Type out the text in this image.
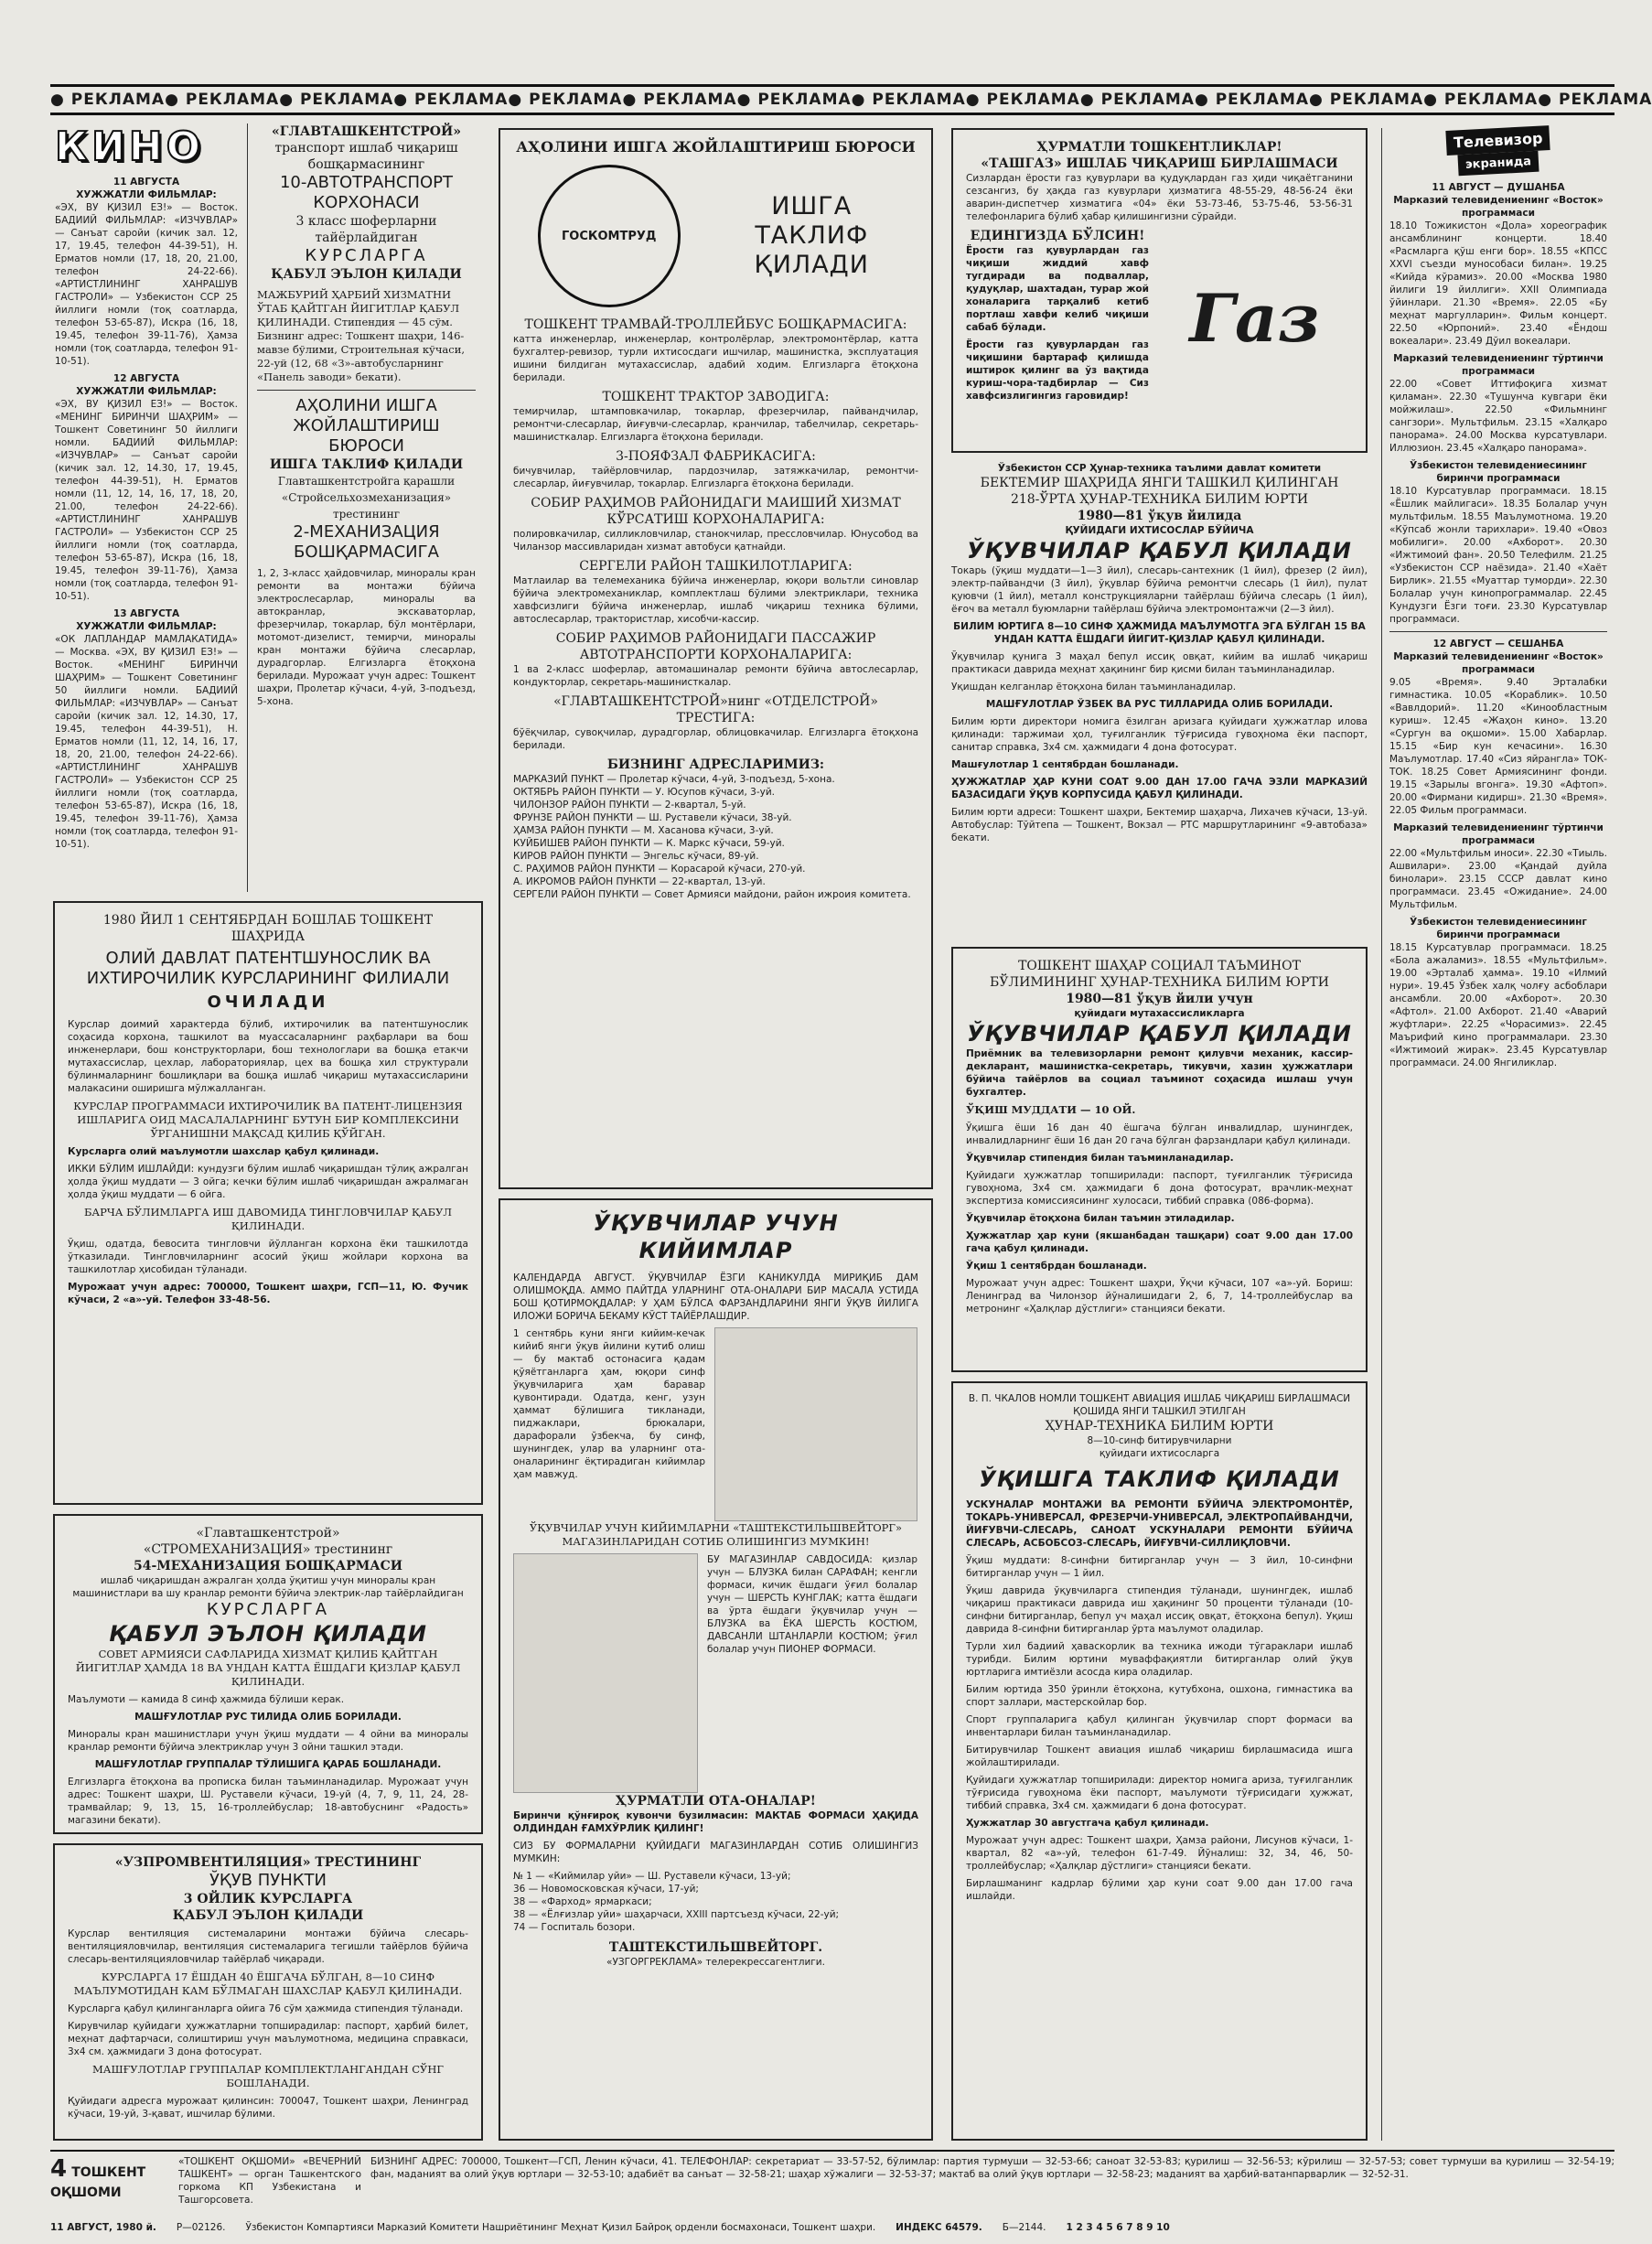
● РЕКЛАМА	● РЕКЛАМА	● РЕКЛАМА	● РЕКЛАМА	● РЕКЛАМА	● РЕКЛАМА	● РЕКЛАМА	● РЕКЛАМА	● РЕКЛАМА	● РЕКЛАМА	● РЕКЛАМА	● РЕКЛАМА	● РЕКЛАМА	● РЕКЛАМА
КИНО
11 АВГУСТА
ХУЖЖАТЛИ ФИЛЬМЛАР:

«ЭХ, ВУ ҚИЗИЛ ЕЗ!» — Восток. БАДИИЙ ФИЛЬМЛАР: «ИЗЧУВЛАР» — Санъат саройи (кичик зал. 12, 17, 19.45, телефон 44-39-51), Н. Ерматов номли (17, 18, 20, 21.00, телефон 24-22-66). «АРТИСТЛИНИНГ ХАНРАШУВ ГАСТРОЛИ» — Узбекистон ССР 25 йиллиги номли (тоқ соатларда, телефон 53-65-87), Искра (16, 18, 19.45, телефон 39-11-76), Ҳамза номли (тоқ соатларда, телефон 91-10-51).

12 АВГУСТА
ХУЖЖАТЛИ ФИЛЬМЛАР:

«ЭХ, ВУ ҚИЗИЛ ЕЗ!» — Восток. «МЕНИНГ БИРИНЧИ ШАҲРИМ» — Тошкент Советининг 50 йиллиги номли. БАДИИЙ ФИЛЬМЛАР: «ИЗЧУВЛАР» — Санъат саройи (кичик зал. 12, 14.30, 17, 19.45, телефон 44-39-51), Н. Ерматов номли (11, 12, 14, 16, 17, 18, 20, 21.00, телефон 24-22-66). «АРТИСТЛИНИНГ ХАНРАШУВ ГАСТРОЛИ» — Узбекистон ССР 25 йиллиги номли (тоқ соатларда, телефон 53-65-87), Искра (16, 18, 19.45, телефон 39-11-76), Ҳамза номли (тоқ соатларда, телефон 91-10-51).

13 АВГУСТА
ХУЖЖАТЛИ ФИЛЬМЛАР:

«ОК ЛАПЛАНДАР МАМЛАКАТИДА» — Москва. «ЭХ, ВУ ҚИЗИЛ ЕЗ!» — Восток. «МЕНИНГ БИРИНЧИ ШАҲРИМ» — Тошкент Советининг 50 йиллиги номли. БАДИИЙ ФИЛЬМЛАР: «ИЗЧУВЛАР» — Санъат саройи (кичик зал. 12, 14.30, 17, 19.45, телефон 44-39-51), Н. Ерматов номли (11, 12, 14, 16, 17, 18, 20, 21.00, телефон 24-22-66). «АРТИСТЛИНИНГ ХАНРАШУВ ГАСТРОЛИ» — Узбекистон ССР 25 йиллиги номли (тоқ соатларда, телефон 53-65-87), Искра (16, 18, 19.45, телефон 39-11-76), Ҳамза номли (тоқ соатларда, телефон 91-10-51).

«ГЛАВТАШКЕНТСТРОЙ»
транспорт ишлаб чиқариш бошқармасининг
10-АВТОТРАНСПОРТ КОРХОНАСИ
3 класс шоферларни тайёрлайдиган
КУРСЛАРГА
ҚАБУЛ ЭЪЛОН ҚИЛАДИ

МАЖБУРИЙ ҲАРБИЙ ХИЗМАТНИ ЎТАБ ҚАЙТГАН ЙИГИТЛАР ҚАБУЛ ҚИЛИНАДИ. Стипендия — 45 сўм. Бизнинг адрес: Тошкент шаҳри, 146-мавзе бўлими, Строительная кўчаси, 22-уй (12, 68 «З»-автобусларнинг «Панель заводи» бекати).

АҲОЛИНИ ИШГА ЖОЙЛАШТИРИШ БЮРОСИ
ИШГА ТАКЛИФ ҚИЛАДИ
Главташкентстройга қарашли «Стройсельхозмеханизация» трестининг
2-МЕХАНИЗАЦИЯ БОШҚАРМАСИГА

1, 2, 3-класс ҳайдовчилар, миноралы кран ремонти ва монтажи бўйича электрослесарлар, миноралы ва автокранлар, экскаваторлар, фрезерчилар, токарлар, бўл монтёрлари, мотомот-дизелист, темирчи, миноралы кран монтажи бўйича слесарлар, дурадгорлар. Елгизларга ётоқхона берилади. Мурожаат учун адрес: Тошкент шаҳри, Пролетар кўчаси, 4-уй, 3-подъезд, 5-хона.

АҲОЛИНИ ИШГА ЖОЙЛАШТИРИШ БЮРОСИ
ГОСКОМТРУД
ИШГА ТАКЛИФ ҚИЛАДИ
ТОШКЕНТ ТРАМВАЙ-ТРОЛЛЕЙБУС БОШҚАРМАСИГА:

катта инженерлар, инженерлар, контролёрлар, электромонтёрлар, катта бухгалтер-ревизор, турли ихтисосдаги ишчилар, машинистка, эксплуатация ишини билдиган мутахассислар, адабий ходим. Елгизларга ётоқхона берилади.

ТОШКЕНТ ТРАКТОР ЗАВОДИГА:

темирчилар, штамповкачилар, токарлар, фрезерчилар, пайвандчилар, ремонтчи-слесарлар, йиғувчи-слесарлар, кранчилар, табелчилар, секретарь-машинисткалар. Елгизларга ётоқхона берилади.

3-ПОЯФЗАЛ ФАБРИКАСИГА:

бичувчилар, тайёрловчилар, пардозчилар, затяжкачилар, ремонтчи-слесарлар, йиғувчилар, токарлар. Елгизларга ётоқхона берилади.

СОБИР РАҲИМОВ РАЙОНИДАГИ МАИШИЙ ХИЗМАТ КЎРСАТИШ КОРХОНАЛАРИГА:

полировкачилар, силликловчилар, станокчилар, прессловчилар. Юнусобод ва Чиланзор массивларидан хизмат автобуси қатнайди.

СЕРГЕЛИ РАЙОН ТАШКИЛОТЛАРИГА:

Матлаилар ва телемеханика бўйича инженерлар, юқори вольтли синовлар бўйича электромеханиклар, комплектлаш бўлими электриклари, техника хавфсизлиги бўйича инженерлар, ишлаб чиқариш техника бўлими, автослесарлар, трактористлар, хисобчи-кассир.

СОБИР РАҲИМОВ РАЙОНИДАГИ ПАССАЖИР АВТОТРАНСПОРТИ КОРХОНАЛАРИГА:

1 ва 2-класс шоферлар, автомашиналар ремонти бўйича автослесарлар, кондукторлар, секретарь-машинисткалар.

«ГЛАВТАШКЕНТСТРОЙ»нинг «ОТДЕЛСТРОЙ» ТРЕСТИГА:

бўёқчилар, сувоқчилар, дурадгорлар, облицовкачилар. Елгизларга ётоқхона берилади.

БИЗНИНГ АДРЕСЛАРИМИЗ:
МАРКАЗИЙ ПУНКТ — Пролетар кўчаси, 4-уй, 3-подъезд, 5-хона.
ОКТЯБРЬ РАЙОН ПУНКТИ — У. Юсупов кўчаси, 3-уй.
ЧИЛОНЗОР РАЙОН ПУНКТИ — 2-квартал, 5-уй.
ФРУНЗЕ РАЙОН ПУНКТИ — Ш. Руставели кўчаси, 38-уй.
ҲАМЗА РАЙОН ПУНКТИ — М. Хасанова кўчаси, 3-уй.
КУЙБИШЕВ РАЙОН ПУНКТИ — К. Маркс кўчаси, 59-уй.
КИРОВ РАЙОН ПУНКТИ — Энгельс кўчаси, 89-уй.
С. РАҲИМОВ РАЙОН ПУНКТИ — Корасарой кўчаси, 270-уй.
А. ИКРОМОВ РАЙОН ПУНКТИ — 22-квартал, 13-уй.
СЕРГЕЛИ РАЙОН ПУНКТИ — Совет Армияси майдони, район ижроия комитета.
1980 ЙИЛ 1 СЕНТЯБРДАН БОШЛАБ ТОШКЕНТ ШАҲРИДА
ОЛИЙ ДАВЛАТ ПАТЕНТШУНОСЛИК ВА ИХТИРОЧИЛИК КУРСЛАРИНИНГ ФИЛИАЛИ
ОЧИЛАДИ

Курслар доимий характерда бўлиб, ихтирочилик ва патентшунослик соҳасида корхона, ташкилот ва муассасаларнинг раҳбарлари ва бош инженерлари, бош конструкторлари, бош технологлари ва бошқа етакчи мутахассислар, цехлар, лабораториялар, цех ва бошқа хил структурали бўлинмаларнинг бошлиқлари ва бошқа ишлаб чиқариш мутахассисларини малакасини оширишга мўлжалланган.

КУРСЛАР ПРОГРАММАСИ ИХТИРОЧИЛИК ВА ПАТЕНТ-ЛИЦЕНЗИЯ ИШЛАРИГА ОИД МАСАЛАЛАРНИНГ БУТУН БИР КОМПЛЕКСИНИ ЎРГАНИШНИ МАҚСАД ҚИЛИБ ҚЎЙГАН.

Курсларга олий маълумотли шахслар қабул қилинади.

ИККИ БЎЛИМ ИШЛАЙДИ: кундузги бўлим ишлаб чиқаришдан тўлиқ ажралган ҳолда ўқиш муддати — 3 ойга; кечки бўлим ишлаб чиқаришдан ажралмаган ҳолда ўқиш муддати — 6 ойга.

БАРЧА БЎЛИМЛАРГА ИШ ДАВОМИДА ТИНГЛОВЧИЛАР ҚАБУЛ ҚИЛИНАДИ.

Ўқиш, одатда, бевосита тингловчи йўлланган корхона ёки ташкилотда ўтказилади. Тингловчиларнинг асосий ўқиш жойлари корхона ва ташкилотлар ҳисобидан тўланади.

Мурожаат учун адрес: 700000, Тошкент шаҳри, ГСП—11, Ю. Фучик кўчаси, 2 «а»-уй. Телефон 33-48-56.

«Главташкентстрой»
«СТРОМЕХАНИЗАЦИЯ» трестининг
54-МЕХАНИЗАЦИЯ БОШҚАРМАСИ
ишлаб чиқаришдан ажралган ҳолда ўқитиш учун миноралы кран машинистлари ва шу кранлар ремонти бўйича электрик-лар тайёрлайдиган
КУРСЛАРГА
ҚАБУЛ ЭЪЛОН ҚИЛАДИ

СОВЕТ АРМИЯСИ САФЛАРИДА ХИЗМАТ ҚИЛИБ ҚАЙТГАН ЙИГИТЛАР ҲАМДА 18 ВА УНДАН КАТТА ЁШДАГИ ҚИЗЛАР ҚАБУЛ ҚИЛИНАДИ.

Маълумоти — камида 8 синф ҳажмида бўлиши керак.

МАШҒУЛОТЛАР РУС ТИЛИДА ОЛИБ БОРИЛАДИ.

Миноралы кран машинистлари учун ўқиш муддати — 4 ойни ва миноралы кранлар ремонти бўйича электриклар учун 3 ойни ташкил этади.

МАШҒУЛОТЛАР ГРУППАЛАР ТЎЛИШИГА ҚАРАБ БОШЛАНАДИ.

Елгизларга ётоқхона ва прописка билан таъминланадилар. Мурожаат учун адрес: Тошкент шаҳри, Ш. Руставели кўчаси, 19-уй (4, 7, 9, 11, 24, 28-трамвайлар; 9, 13, 15, 16-троллейбуслар; 18-автобуснинг «Радость» магазини бекати).

«УЗПРОМВЕНТИЛЯЦИЯ» ТРЕСТИНИНГ
ЎҚУВ ПУНКТИ
3 ОЙЛИК КУРСЛАРГА
ҚАБУЛ ЭЪЛОН ҚИЛАДИ

Курслар вентиляция системаларини монтажи бўйича слесарь-вентиляцияловчилар, вентиляция системаларига тегишли тайёрлов бўйича слесарь-вентиляцияловчилар тайёрлаб чиқаради.

КУРСЛАРГА 17 ЁШДАН 40 ЁШГАЧА БЎЛГАН, 8—10 СИНФ МАЪЛУМОТИДАН КАМ БЎЛМАГАН ШАХСЛАР ҚАБУЛ ҚИЛИНАДИ.

Курсларга қабул қилинганларга ойига 76 сўм ҳажмида стипендия тўланади.

Кирувчилар қуйидаги ҳужжатларни топширадилар: паспорт, ҳарбий билет, меҳнат дафтарчаси, солиштириш учун маълумотнома, медицина справкаси, 3x4 см. ҳажмидаги 3 дона фотосурат.

МАШҒУЛОТЛАР ГРУППАЛАР КОМПЛЕКТЛАНГАНДАН СЎНГ БОШЛАНАДИ.

Қуйидаги адресга мурожаат қилинсин: 700047, Тошкент шаҳри, Ленинград кўчаси, 19-уй, 3-қават, ишчилар бўлими.

ЎҚУВЧИЛАР УЧУН КИЙИМЛАР

КАЛЕНДАРДА АВГУСТ. ЎҚУВЧИЛАР ЁЗГИ КАНИКУЛДА МИРИҚИБ ДАМ ОЛИШМОҚДА. АММО ПАЙТДА УЛАРНИНГ ОТА-ОНАЛАРИ БИР МАСАЛА УСТИДА БОШ ҚОТИРМОҚДАЛАР: У ҲАМ БЎЛСА ФАРЗАНДЛАРИНИ ЯНГИ ЎҚУВ ЙИЛИГА ИЛОЖИ БОРИЧА БЕКАМУ КЎСТ ТАЙЁРЛАШДИР.

1 сентябрь куни янги кийим-кечак кийиб янги ўқув йилини кутиб олиш — бу мактаб остонасига қадам қўяётганларга ҳам, юқори синф ўқувчиларига ҳам баравар қувонтиради. Одатда, кенг, узун ҳаммат бўлишига тикланади, пиджаклари, брюкалари, дарафорали ўзбекча, бу синф, шунингдек, улар ва уларнинг ота-оналарининг ёқтирадиган кийимлар ҳам мавжуд.

ЎҚУВЧИЛАР УЧУН КИЙИМЛАРНИ «ТАШТЕКСТИЛЬШВЕЙТОРГ» МАГАЗИНЛАРИДАН СОТИБ ОЛИШИНГИЗ МУМКИН!

БУ МАГАЗИНЛАР САВДОСИДА: қизлар учун — БЛУЗКА билан САРАФАН; кенгли формаси, кичик ёшдаги ўғил болалар учун — ШЕРСТЬ КУНГЛАК; катта ёшдаги ва ўрта ёшдаги ўқувчилар учун — БЛУЗКА ва ЁКА ШЕРСТЬ КОСТЮМ, ДАВСАНЛИ ШТАНЛАРЛИ КОСТЮМ; ўғил болалар учун ПИОНЕР ФОРМАСИ.

ҲУРМАТЛИ ОТА-ОНАЛАР!

Биринчи қўнғироқ кувончи бузилмасин: МАКТАБ ФОРМАСИ ҲАҚИДА ОЛДИНДАН ҒАМХЎРЛИК ҚИЛИНГ!

СИЗ БУ ФОРМАЛАРНИ ҚУЙИДАГИ МАГАЗИНЛАРДАН СОТИБ ОЛИШИНГИЗ МУМКИН:

№ 1 — «Киймилар уйи» — Ш. Руставели кўчаси, 13-уй;
36 — Новомосковская кўчаси, 17-уй;
38 — «Фарход» ярмаркаси;
38 — «Ёлғизлар уйи» шаҳарчаси, ХХIII партсъезд кўчаси, 22-уй;
74 — Госпиталь бозори.
ТАШТЕКСТИЛЬШВЕЙТОРГ.
«УЗГОРГРЕКЛАМА» телерекрессагентлиги.
ҲУРМАТЛИ ТОШКЕНТЛИКЛАР!
«ТАШГАЗ» ИШЛАБ ЧИҚАРИШ БИРЛАШМАСИ

Сизлардан ёрости газ қувурлари ва қудуқлардан газ ҳиди чиқаётганини сезсангиз, бу ҳақда газ кувурлари ҳизматига 48-55-29, 48-56-24 ёки аварин-диспетчер хизматига «04» ёки 53-73-46, 53-75-46, 53-56-31 телефонларига бўлиб ҳабар қилишингизни сўрайди.

ЕДИНГИЗДА БЎЛСИН!

Ёрости газ қувурлардан газ чиқиши жиддий хавф тугдиради ва подваллар, қудуқлар, шахтадан, турар жой хоналарига тарқалиб кетиб портлаш хавфи келиб чиқиши сабаб бўлади.

Ёрости газ қувурлардан газ чиқишини бартараф қилишда иштирок қилинг ва ўз вақтида куриш-чора-тадбирлар — Сиз хавфсизлигингиз гаровидир!

Газ
Ўзбекистон ССР Ҳунар-техника таълими давлат комитети
БЕКТЕМИР ШАҲРИДА ЯНГИ ТАШКИЛ ҚИЛИНГАН
218-ЎРТА ҲУНАР-ТЕХНИКА БИЛИМ ЮРТИ
1980—81 ўқув йилида
ҚУЙИДАГИ ИХТИСОСЛАР БЎЙИЧА
ЎҚУВЧИЛАР ҚАБУЛ ҚИЛАДИ

Токарь (ўқиш муддати—1—3 йил), слесарь-сантехник (1 йил), фрезер (2 йил), электр-пайвандчи (3 йил), ўқувлар бўйича ремонтчи слесарь (1 йил), пулат қуювчи (1 йил), металл конструкцияларни тайёрлаш бўйича слесарь (1 йил), ёғоч ва металл буюмларни тайёрлаш бўйича электромонтажчи (2—3 йил).

БИЛИМ ЮРТИГА 8—10 СИНФ ҲАЖМИДА МАЪЛУМОТГА ЭГА БЎЛГАН 15 ВА УНДАН КАТТА ЁШДАГИ ЙИГИТ-ҚИЗЛАР ҚАБУЛ ҚИЛИНАДИ.

Ўқувчилар қунига 3 маҳал бепул иссиқ овқат, кийим ва ишлаб чиқариш практикаси даврида меҳнат ҳақининг бир қисми билан таъминланадилар.

Уқишдан келганлар ётоқхона билан таъминланадилар.

МАШҒУЛОТЛАР ЎЗБЕК ВА РУС ТИЛЛАРИДА ОЛИБ БОРИЛАДИ.

Билим юрти директори номига ёзилган аризага қуйидаги ҳужжатлар илова қилинади: таржимаи ҳол, туғилганлик тўғрисида гувоҳнома ёки паспорт, санитар справка, 3x4 см. ҳажмидаги 4 дона фотосурат.

Машғулотлар 1 сентябрдан бошланади.

ҲУЖЖАТЛАР ҲАР КУНИ СОАТ 9.00 ДАН 17.00 ГАЧА ЭЗЛИ МАРКАЗИЙ БАЗАСИДАГИ ЎҚУВ КОРПУСИДА ҚАБУЛ ҚИЛИНАДИ.

Билим юрти адреси: Тошкент шаҳри, Бектемир шаҳарча, Лихачев кўчаси, 13-уй. Автобуслар: Тўйтепа — Тошкент, Вокзал — РТС маршрутларининг «9-автобаза» бекати.

ТОШКЕНТ ШАҲАР СОЦИАЛ ТАЪМИНОТ БЎЛИМИНИНГ ҲУНАР-ТЕХНИКА БИЛИМ ЮРТИ
1980—81 ўқув йили учун
қуйидаги мутахассисликларга
ЎҚУВЧИЛАР ҚАБУЛ ҚИЛАДИ

Приёмник ва телевизорларни ремонт қилувчи механик, кассир-декларант, машинистка-секретарь, тикувчи, хазин ҳужжатлари бўйича тайёрлов ва социал таъминот соҳасида ишлаш учун бухгалтер.

ЎҚИШ МУДДАТИ — 10 ОЙ.

Ўқишга ёши 16 дан 40 ёшгача бўлган инвалидлар, шунингдек, инвалидларнинг ёши 16 дан 20 гача бўлган фарзандлари қабул қилинади.

Ўқувчилар стипендия билан таъминланадилар.

Қуйидаги ҳужжатлар топширилади: паспорт, туғилганлик тўғрисида гувоҳнома, 3x4 см. ҳажмидаги 6 дона фотосурат, врачлик-меҳнат экспертиза комиссиясининг хулосаси, тиббий справка (086-форма).

Ўқувчилар ётоқхона билан таъмин этиладилар.

Ҳужжатлар ҳар куни (якшанбадан ташқари) соат 9.00 дан 17.00 гача қабул қилинади.

Ўқиш 1 сентябрдан бошланади.

Мурожаат учун адрес: Тошкент шаҳри, Ўқчи кўчаси, 107 «а»-уй. Бориш: Ленинград ва Чилонзор йўналишидаги 2, 6, 7, 14-троллейбуслар ва метронинг «Ҳалқлар дўстлиги» станцияси бекати.

В. П. ЧКАЛОВ НОМЛИ ТОШКЕНТ АВИАЦИЯ ИШЛАБ ЧИҚАРИШ БИРЛАШМАСИ ҚОШИДА ЯНГИ ТАШКИЛ ЭТИЛГАН
ҲУНАР-ТЕХНИКА БИЛИМ ЮРТИ
8—10-синф битирувчиларни
қуйидаги ихтисосларга
ЎҚИШГА ТАКЛИФ ҚИЛАДИ

УСКУНАЛАР МОНТАЖИ ВА РЕМОНТИ БЎЙИЧА ЭЛЕКТРОМОНТЁР, ТОКАРЬ-УНИВЕРСАЛ, ФРЕЗЕРЧИ-УНИВЕРСАЛ, ЭЛЕКТРОПАЙВАНДЧИ, ЙИҒУВЧИ-СЛЕСАРЬ, САНОАТ УСКУНАЛАРИ РЕМОНТИ БЎЙИЧА СЛЕСАРЬ, АСБОБСОЗ-СЛЕСАРЬ, ЙИҒУВЧИ-СИЛЛИҚЛОВЧИ.

Ўқиш муддати: 8-синфни битирганлар учун — 3 йил, 10-синфни битирганлар учун — 1 йил.

Ўқиш даврида ўқувчиларга стипендия тўланади, шунингдек, ишлаб чиқариш практикаси даврида иш ҳақининг 50 проценти тўланади (10-синфни битирганлар, бепул уч маҳал иссиқ овқат, ётоқхона бепул). Уқиш даврида 8-синфни битирганлар ўрта маълумот оладилар.

Турли хил бадиий ҳаваскорлик ва техника ижоди тўгараклари ишлаб турибди. Билим юртини муваффақиятли битирганлар олий ўқув юртларига имтиёзли асосда кира оладилар.

Билим юртида 350 ўринли ётоқхона, кутубхона, ошхона, гимнастика ва спорт заллари, мастерскойлар бор.

Спорт группаларига қабул қилинган ўқувчилар спорт формаси ва инвентарлари билан таъминланадилар.

Битирувчилар Тошкент авиация ишлаб чиқариш бирлашмасида ишга жойлаштирилади.

Қуйидаги ҳужжатлар топширилади: директор номига ариза, туғилганлик тўғрисида гувоҳнома ёки паспорт, маълумоти тўғрисидаги ҳужжат, тиббий справка, 3x4 см. ҳажмидаги 6 дона фотосурат.

Ҳужжатлар 30 августгача қабул қилинади.

Мурожаат учун адрес: Тошкент шаҳри, Ҳамза райони, Лисунов кўчаси, 1-квартал, 82 «а»-уй, телефон 61-7-49. Йўналиш: 32, 34, 46, 50-троллейбуслар; «Ҳалқлар дўстлиги» станцияси бекати.

Бирлашманинг кадрлар бўлими ҳар куни соат 9.00 дан 17.00 гача ишлайди.

Телевизор
экранида
11 АВГУСТ — ДУШАНБА
Марказий телевидениенинг «Восток» программаси

18.10 Тожикистон «Дола» хореографик ансамблининг концерти. 18.40 «Расмларга қўш енги бор». 18.55 «КПСС XXVI съезди мунособаси билан». 19.25 «Кийда кўрамиз». 20.00 «Москва 1980 йилиги 19 йиллиги». XXII Олимпиада ўйинлари. 21.30 «Время». 22.05 «Бу меҳнат маргулларин». Фильм концерт. 22.50 «Юрпоний». 23.40 «Ёндош вокеалари». 23.49 Дўил вокеалари.

Марказий телевидениенинг тўртинчи программаси

22.00 «Совет Иттифоқига хизмат қиламан». 22.30 «Тушунча кувгари ёки мойжилаш». 22.50 «Фильмнинг сангзори». Мультфильм. 23.15 «Халқаро панорама». 24.00 Москва курсатувлари. Иллюзион. 23.45 «Халқаро панорама».

Ўзбекистон телевидениесининг биринчи программаси

18.10 Курсатувлар программаси. 18.15 «Ёшлик майлигаси». 18.35 Болалар учун мультфильм. 18.55 Маълумотнома. 19.20 «Кўпсаб жонли тарихлари». 19.40 «Овоз мобилиги». 20.00 «Ахборот». 20.30 «Ижтимоий фан». 20.50 Телефилм. 21.25 «Узбекистон ССР наёзида». 21.40 «Хаёт Бирлик». 21.55 «Муаттар туморди». 22.30 Болалар учун кинопрограммалар. 22.45 Кундузги Ёзги тоғи. 23.30 Курсатувлар программаси.

12 АВГУСТ — СЕШАНБА
Марказий телевидениенинг «Восток» программаси

9.05 «Время». 9.40 Эрталабки гимнастика. 10.05 «Кораблик». 10.50 «Вавлдорий». 11.20 «Кинообластным куриш». 12.45 «Жаҳон кино». 13.20 «Сургун ва оқшоми». 15.00 Хабарлар. 15.15 «Бир кун кечасини». 16.30 Маълумотлар. 17.40 «Сиз яйрангла» ТОК-ТОК. 18.25 Совет Армиясининг фонди. 19.15 «Зарылы вгонга». 19.30 «Афтоп». 20.00 «Фирмани кидирш». 21.30 «Время». 22.05 Фильм программаси.

Марказий телевидениенинг тўртинчи программаси

22.00 «Мультфильм иноси». 22.30 «Тиыль. Ашвилари». 23.00 «Қандай дуйла бинолари». 23.15 СССР давлат кино программаси. 23.45 «Ожидание». 24.00 Мультфильм.

Ўзбекистон телевидениесининг биринчи программаси

18.15 Курсатувлар программаси. 18.25 «Бола ажаламиз». 18.55 «Мультфильм». 19.00 «Эрталаб ҳамма». 19.10 «Илмий нури». 19.45 Ўзбек халқ чолғу асбоблари ансамбли. 20.00 «Ахборот». 20.30 «Афтол». 21.00 Ахборот. 21.40 «Аварий жуфтлари». 22.25 «Чорасимиз». 22.45 Маърифий кино программалари. 23.30 «Ижтимоий жирак». 23.45 Курсатувлар программаси. 24.00 Янгиликлар.

4 ТОШКЕНТ ОҚШОМИ
«ТОШКЕНТ ОҚШОМИ» «ВЕЧЕРНИЙ ТАШКЕНТ» — орган Ташкентского горкома КП Узбекистана и Ташгорсовета.
БИЗНИНГ АДРЕС: 700000, Тошкент—ГСП, Ленин кўчаси, 41. ТЕЛЕФОНЛАР: секретариат — 33-57-52, бўлимлар: партия турмуши — 32-53-66; саноат 32-53-83; қурилиш — 32-56-53; кўрилиш — 32-57-53; совет турмуши ва қурилиш — 32-54-19; фан, маданият ва олий ўқув юртлари — 32-53-10; адабиёт ва санъат — 32-58-21; шаҳар хўжалиги — 32-53-37; мактаб ва олий ўқув юртлари — 32-58-23; маданият ва ҳарбий-ватанпарварлик — 32-52-31.
11 АВГУСТ, 1980 й. Р—02126. Ўзбекистон Компартияси Марказий Комитети Нашриётининг Меҳнат Қизил Байроқ орденли босмахонаси, Тошкент шаҳри. ИНДЕКС 64579. Б—2144. 1 2 3 4 5 6 7 8 9 10
